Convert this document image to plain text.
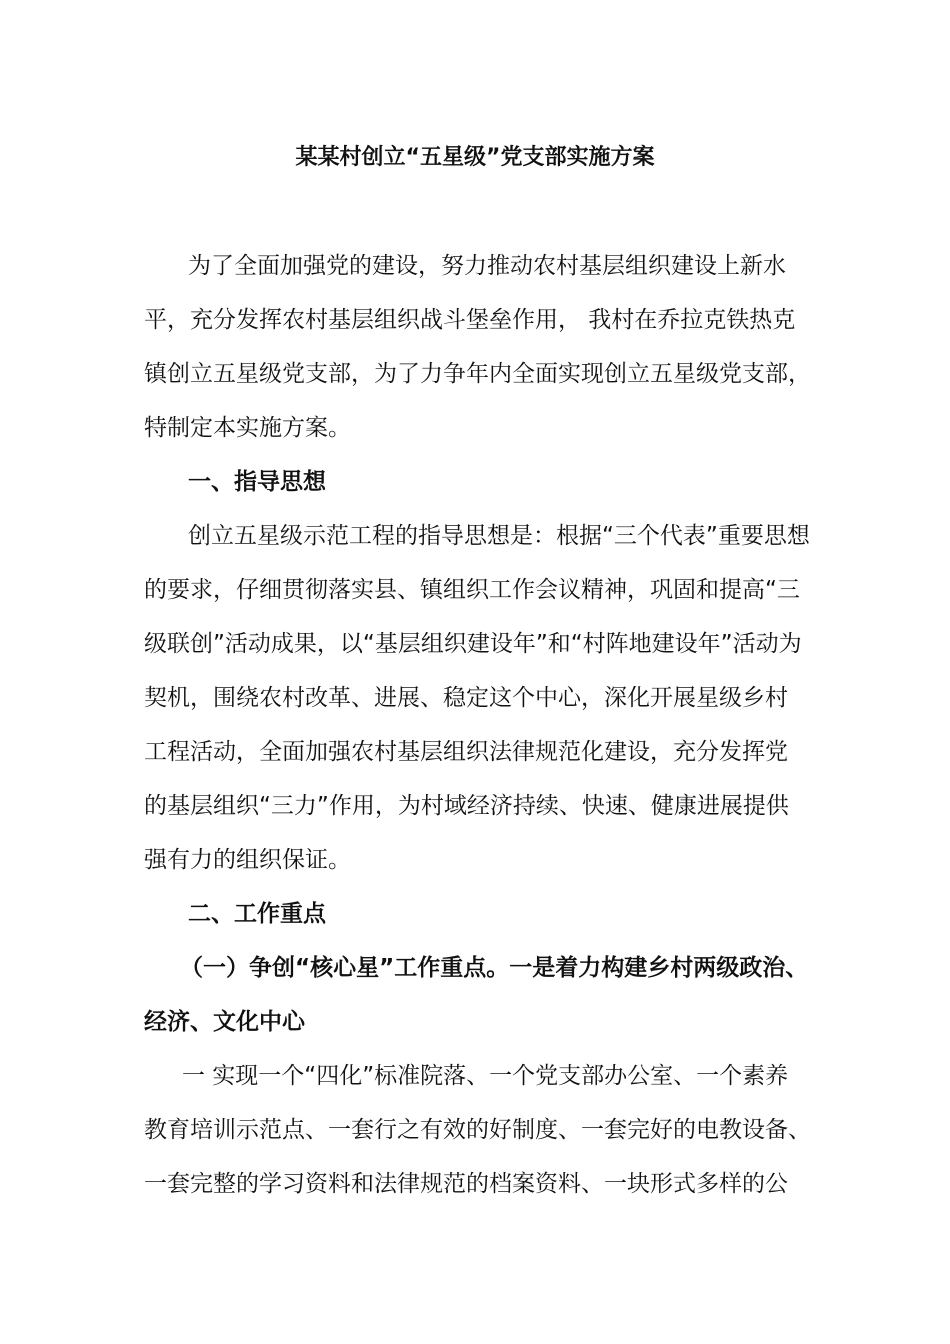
某某村创立“五星级”党支部实施方案
为了全面加强党的建设，努力推动农村基层组织建设上新水
平，充分发挥农村基层组织战斗堡垒作用， 我村在乔拉克铁热克
镇创立五星级党支部，为了力争年内全面实现创立五星级党支部，
特制定本实施方案。
一、指导思想
创立五星级示范工程的指导思想是：根据“三个代表”重要思想
的要求，仔细贯彻落实县、镇组织工作会议精神，巩固和提高“三
级联创”活动成果，以“基层组织建设年”和“村阵地建设年”活动为
契机，围绕农村改革、进展、稳定这个中心，深化开展星级乡村
工程活动，全面加强农村基层组织法律规范化建设，充分发挥党
的基层组织“三力”作用，为村域经济持续、快速、健康进展提供
强有力的组织保证。
二、工作重点
（一）争创“核心星”工作重点。一是着力构建乡村两级政治、
经济、文化中心
一 实现一个“四化”标准院落、一个党支部办公室、一个素养
教育培训示范点、一套行之有效的好制度、一套完好的电教设备、
一套完整的学习资料和法律规范的档案资料、一块形式多样的公
